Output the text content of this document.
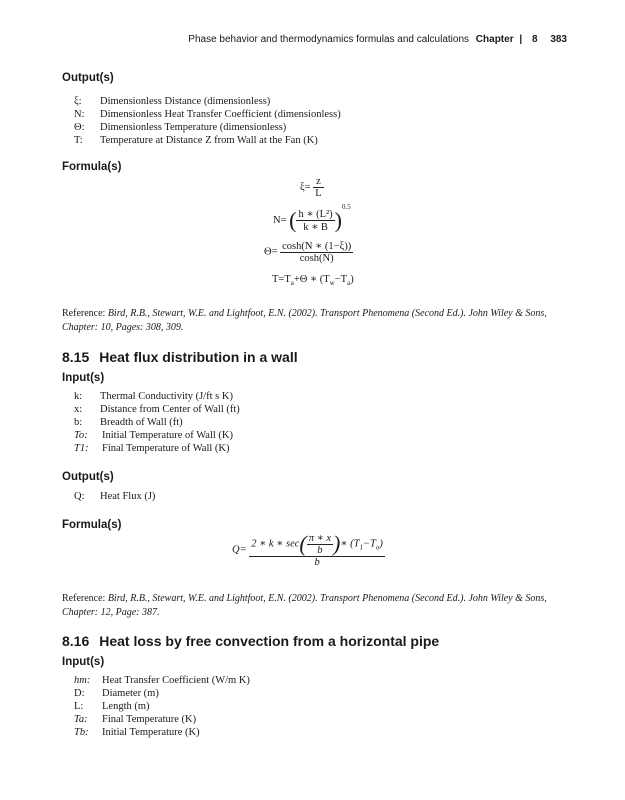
Phase behavior and thermodynamics formulas and calculations Chapter | 8 383
Output(s)
ξ: Dimensionless Distance (dimensionless)
N: Dimensionless Heat Transfer Coefficient (dimensionless)
Θ: Dimensionless Temperature (dimensionless)
T: Temperature at Distance Z from Wall at the Fan (K)
Formula(s)
$\xi= \frac{z}{L}$
N= ( $\frac{\text{h ∗ (L²)}}{k ∗ B} )^{0.5}$
$\Theta= \frac{\cosh(N ∗ (1-\xi))}{\cosh(N)}$
$T=T_a+\Theta$ ∗ $(T_w-T_a)$
Reference: Bird, R.B., Stewart, W.E. and Lightfoot, E.N. (2002). Transport Phenomena (Second Ed.). John Wiley & Sons, Chapter: 10, Pages: 308, 309.
8.15 Heat flux distribution in a wall
Input(s)
k: Thermal Conductivity (J/ft s K)
x: Distance from Center of Wall (ft)
b: Breadth of Wall (ft)
To: Initial Temperature of Wall (K)
T1: Final Temperature of Wall (K)
Output(s)
Q: Heat Flux (J)
Formula(s)
$Q= \frac{2 ∗ k ∗ \sec( \frac{\pi ∗ x}{b} )∗ (T_1-T_o)}{b}$
Reference: Bird, R.B., Stewart, W.E. and Lightfoot, E.N. (2002). Transport Phenomena (Second Ed.). John Wiley & Sons, Chapter: 12, Page: 387.
8.16 Heat loss by free convection from a horizontal pipe
Input(s)
hm: Heat Transfer Coefficient (W/m K)
D: Diameter (m)
L: Length (m)
Ta: Final Temperature (K)
Tb: Initial Temperature (K)
